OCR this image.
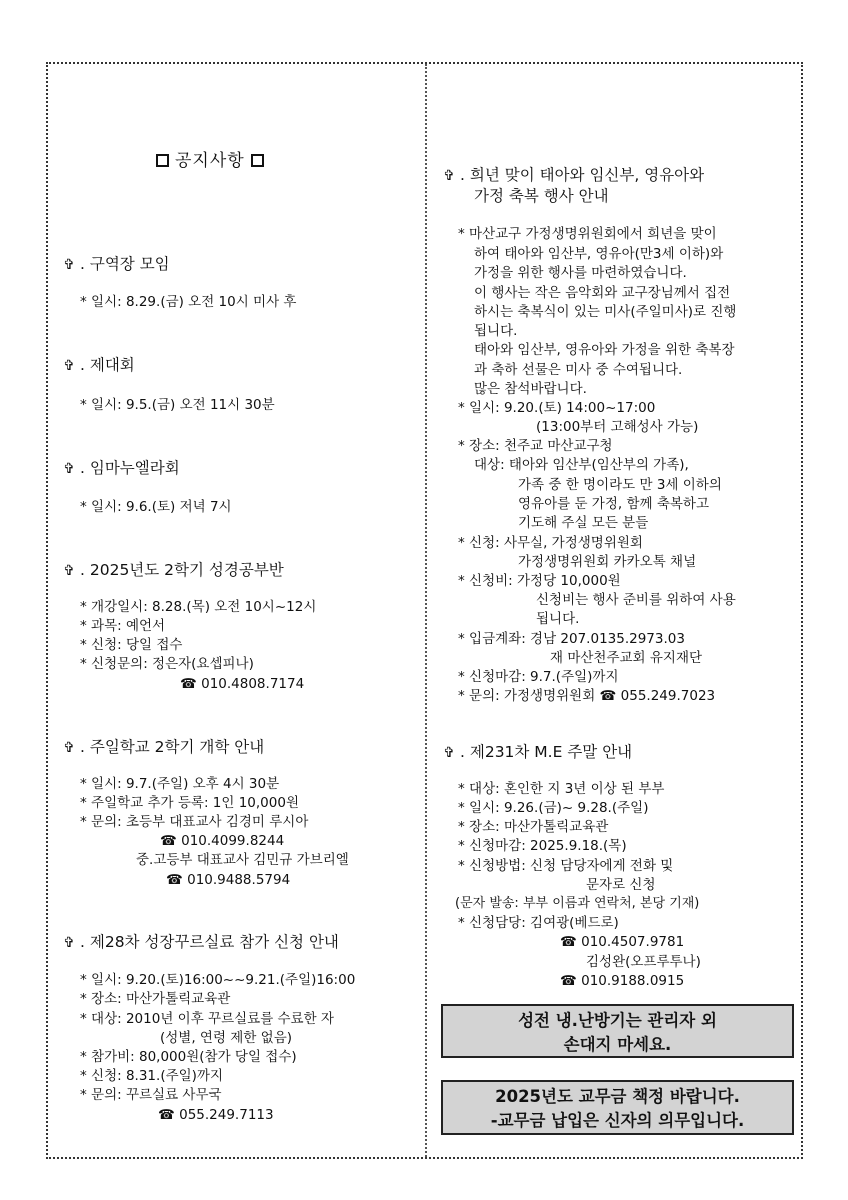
공지사항
✞ . 구역장 모임
* 일시: 8.29.(금) 오전 10시 미사 후
✞ . 제대회
* 일시: 9.5.(금) 오전 11시 30분
✞ . 임마누엘라회
* 일시: 9.6.(토) 저녁 7시
✞ . 2025년도 2학기 성경공부반
* 개강일시: 8.28.(목) 오전 10시~12시
* 과목: 예언서
* 신청: 당일 접수
* 신청문의: 정은자(요셉피나)
☎ 010.4808.7174
✞ . 주일학교 2학기 개학 안내
* 일시: 9.7.(주일) 오후 4시 30분
* 주일학교 추가 등록: 1인 10,000원
* 문의: 초등부 대표교사 김경미 루시아
☎ 010.4099.8244
중.고등부 대표교사 김민규 가브리엘
☎ 010.9488.5794
✞ . 제28차 성장꾸르실료 참가 신청 안내
* 일시: 9.20.(토)16:00~~9.21.(주일)16:00
* 장소: 마산가톨릭교육관
* 대상: 2010년 이후 꾸르실료를 수료한 자
(성별, 연령 제한 없음)
* 참가비: 80,000원(참가 당일 접수)
* 신청: 8.31.(주일)까지
* 문의: 꾸르실료 사무국
☎ 055.249.7113
✞ . 희년 맞이 태아와 임신부, 영유아와
가정 축복 행사 안내
* 마산교구 가정생명위원회에서 희년을 맞이
하여 태아와 임산부, 영유아(만3세 이하)와
가정을 위한 행사를 마련하였습니다.
이 행사는 작은 음악회와 교구장님께서 집전
하시는 축복식이 있는 미사(주일미사)로 진행
됩니다.
태아와 임산부, 영유아와 가정을 위한 축복장
과 축하 선물은 미사 중 수여됩니다.
많은 참석바랍니다.
* 일시: 9.20.(토) 14:00~17:00
(13:00부터 고해성사 가능)
* 장소: 천주교 마산교구청
대상: 태아와 임산부(임산부의 가족),
가족 중 한 명이라도 만 3세 이하의
영유아를 둔 가정, 함께 축복하고
기도해 주실 모든 분들
* 신청: 사무실, 가정생명위원회
가정생명위원회 카카오톡 채널
* 신청비: 가정당 10,000원
신청비는 행사 준비를 위하여 사용
됩니다.
* 입금계좌: 경남 207.0135.2973.03
재 마산천주교회 유지재단
* 신청마감: 9.7.(주일)까지
* 문의: 가정생명위원회 ☎ 055.249.7023
✞ . 제231차 M.E 주말 안내
* 대상: 혼인한 지 3년 이상 된 부부
* 일시: 9.26.(금)~ 9.28.(주일)
* 장소: 마산가톨릭교육관
* 신청마감: 2025.9.18.(목)
* 신청방법: 신청 담당자에게 전화 및
문자로 신청
(문자 발송: 부부 이름과 연락처, 본당 기재)
* 신청담당: 김여광(베드로)
☎ 010.4507.9781
김성완(오프루투나)
☎ 010.9188.0915
성전 냉.난방기는 관리자 외
손대지 마세요.
2025년도 교무금 책정 바랍니다.
-교무금 납입은 신자의 의무입니다.
